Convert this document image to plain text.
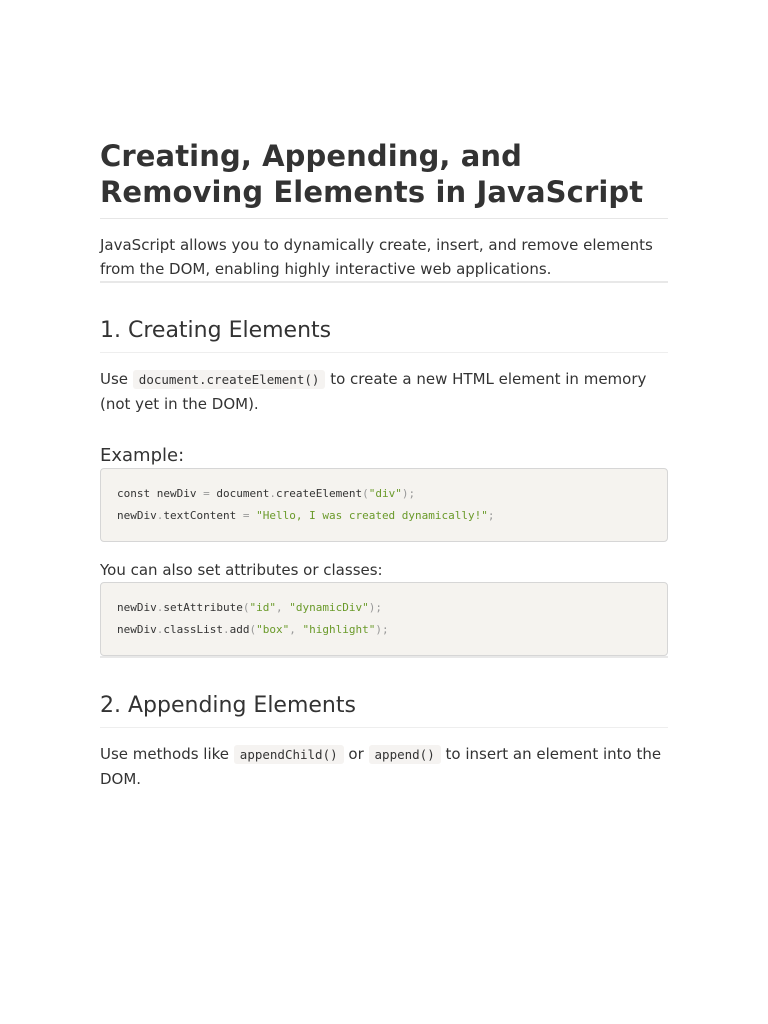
Creating, Appending, and Removing Elements in JavaScript

JavaScript allows you to dynamically create, insert, and remove elements from the DOM, enabling highly interactive web applications.

1. Creating Elements

Use document.createElement() to create a new HTML element in memory (not yet in the DOM).

Example:
const newDiv = document.createElement("div");
newDiv.textContent = "Hello, I was created dynamically!";

You can also set attributes or classes:

newDiv.setAttribute("id", "dynamicDiv");
newDiv.classList.add("box", "highlight");
2. Appending Elements

Use methods like appendChild() or append() to insert an element into the DOM.
